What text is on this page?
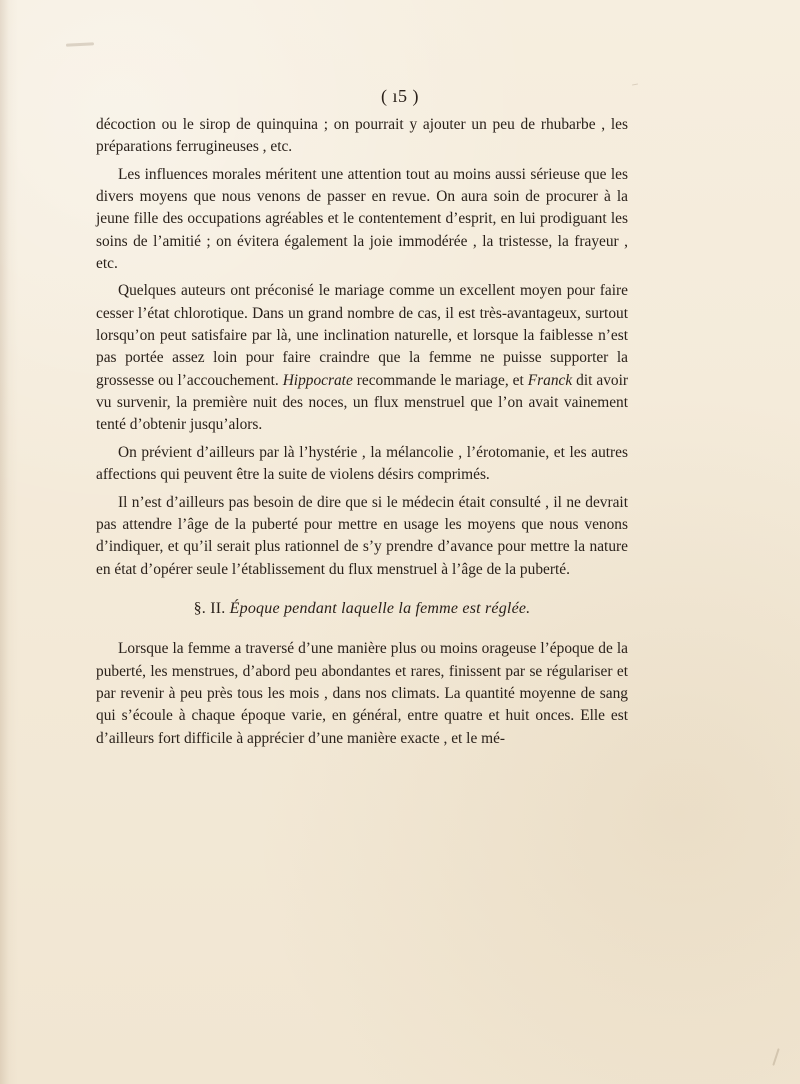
( ı5 )

décoction ou le sirop de quinquina ; on pourrait y ajouter un peu de rhubarbe , les préparations ferrugineuses , etc.

Les influences morales méritent une attention tout au moins aussi sérieuse que les divers moyens que nous venons de passer en revue. On aura soin de procurer à la jeune fille des occupations agréables et le contentement d’esprit, en lui prodiguant les soins de l’amitié ; on évitera également la joie immodérée , la tristesse, la frayeur , etc.

Quelques auteurs ont préconisé le mariage comme un excellent moyen pour faire cesser l’état chlorotique. Dans un grand nombre de cas, il est très-avantageux, surtout lorsqu’on peut satisfaire par là, une inclination naturelle, et lorsque la faiblesse n’est pas portée assez loin pour faire craindre que la femme ne puisse supporter la grossesse ou l’accouchement. Hippocrate recommande le mariage, et Franck dit avoir vu survenir, la première nuit des noces, un flux menstruel que l’on avait vainement tenté d’obtenir jusqu’alors.

On prévient d’ailleurs par là l’hystérie , la mélancolie , l’érotomanie, et les autres affections qui peuvent être la suite de violens désirs comprimés.

Il n’est d’ailleurs pas besoin de dire que si le médecin était consulté , il ne devrait pas attendre l’âge de la puberté pour mettre en usage les moyens que nous venons d’indiquer, et qu’il serait plus rationnel de s’y prendre d’avance pour mettre la nature en état d’opérer seule l’établissement du flux menstruel à l’âge de la puberté.

§. II. Époque pendant laquelle la femme est réglée.

Lorsque la femme a traversé d’une manière plus ou moins orageuse l’époque de la puberté, les menstrues, d’abord peu abondantes et rares, finissent par se régulariser et par revenir à peu près tous les mois , dans nos climats. La quantité moyenne de sang qui s’écoule à chaque époque varie, en général, entre quatre et huit onces. Elle est d’ailleurs fort difficile à apprécier d’une manière exacte , et le mé-
